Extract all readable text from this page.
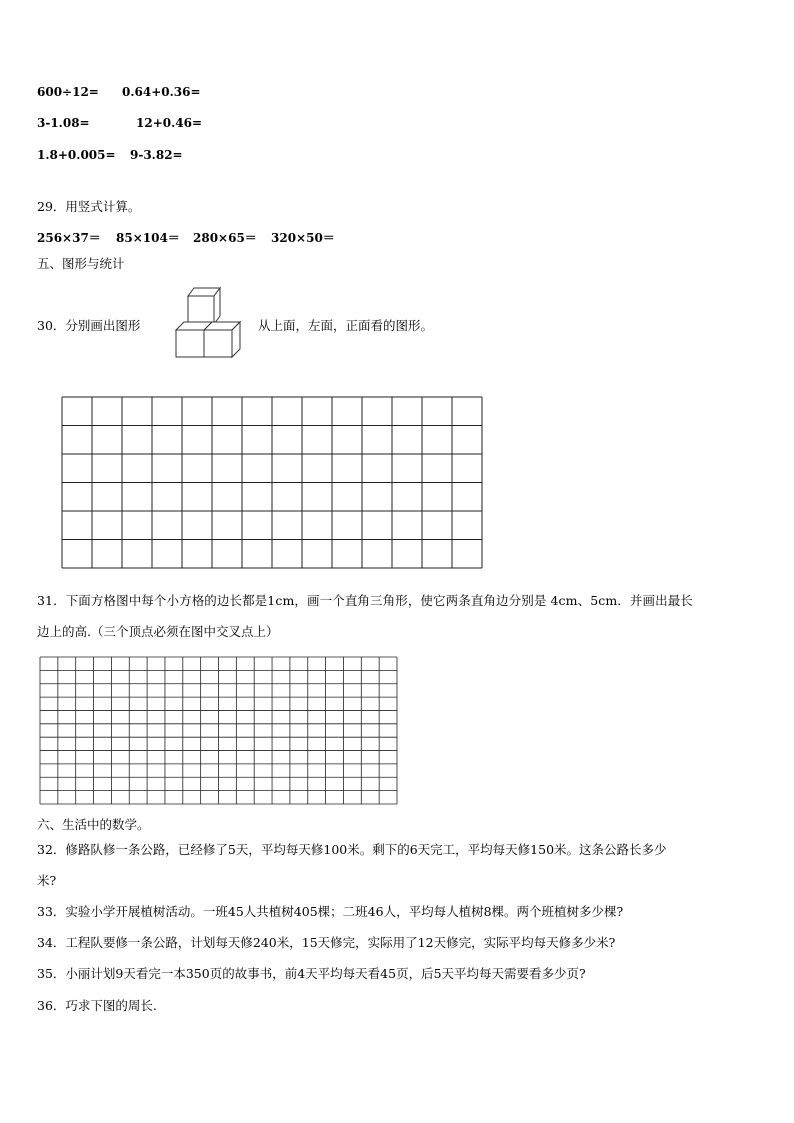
600÷12= 0.64+0.36=
3-1.08=	12+0.46=
1.8+0.005= 9-3.82=
29．用竖式计算。
256×37＝ 85×104＝ 280×65＝ 320×50＝
五、图形与统计
30．分别画出图形	从上面，左面，正面看的图形。
31．下面方格图中每个小方格的边长都是1cm，画一个直角三角形，使它两条直角边分别是 4cm、5cm．并画出最长
边上的高.（三个顶点必须在图中交叉点上）
六、生活中的数学。
32．修路队修一条公路，已经修了5天，平均每天修100米。剩下的6天完工，平均每天修150米。这条公路长多少
米?
33．实验小学开展植树活动。一班45人共植树405棵；二班46人，平均每人植树8棵。两个班植树多少棵?
34．工程队要修一条公路，计划每天修240米，15天修完，实际用了12天修完，实际平均每天修多少米?
35．小丽计划9天看完一本350页的故事书，前4天平均每天看45页，后5天平均每天需要看多少页?
36．巧求下图的周长.
